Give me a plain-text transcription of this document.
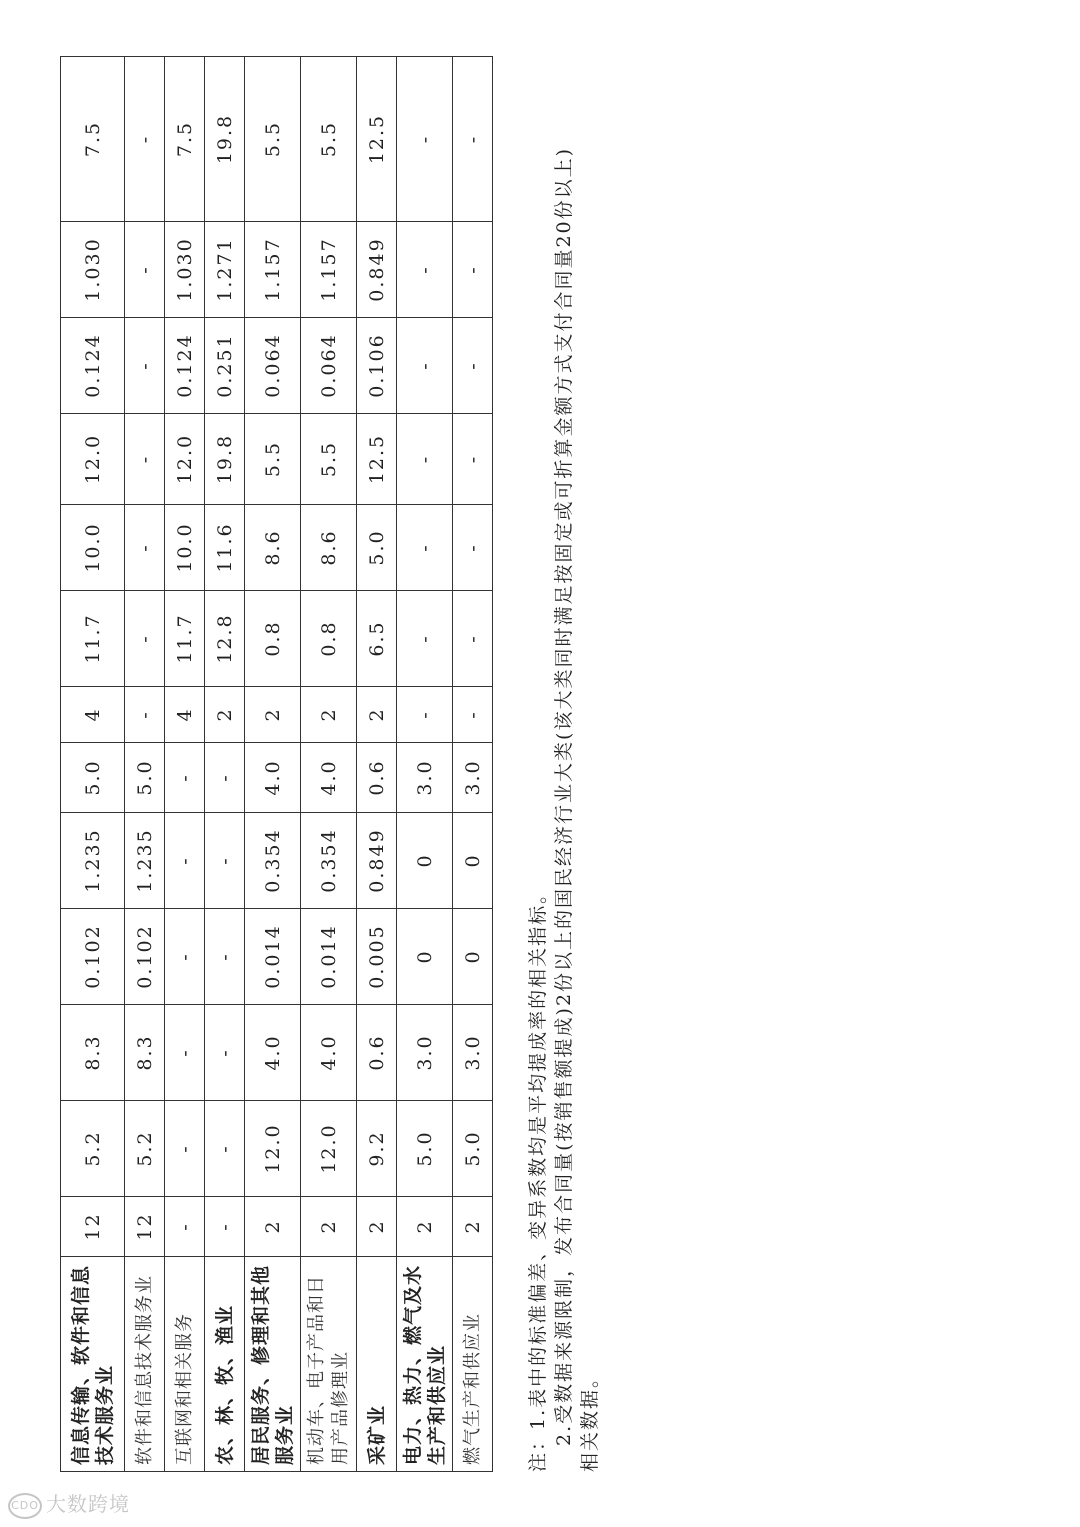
信息传输、软件和信息技术服务业	12	5.2	8.3	0.102	1.235	5.0	4	11.7	10.0	12.0	0.124	1.030	7.5
软件和信息技术服务业	12	5.2	8.3	0.102	1.235	5.0	-	-	-	-	-	-	-
互联网和相关服务	-	-	-	-	-	-	4	11.7	10.0	12.0	0.124	1.030	7.5
农、林、牧、渔业	-	-	-	-	-	-	2	12.8	11.6	19.8	0.251	1.271	19.8
居民服务、修理和其他服务业	2	12.0	4.0	0.014	0.354	4.0	2	0.8	8.6	5.5	0.064	1.157	5.5
机动车、电子产品和日用产品修理业	2	12.0	4.0	0.014	0.354	4.0	2	0.8	8.6	5.5	0.064	1.157	5.5
采矿业	2	9.2	0.6	0.005	0.849	0.6	2	6.5	5.0	12.5	0.106	0.849	12.5
电力、热力、燃气及水生产和供应业	2	5.0	3.0	0	0	3.0	-	-	-	-	-	-	-
燃气生产和供应业	2	5.0	3.0	0	0	3.0	-	-	-	-	-	-	-

注：1.表中的标准偏差、变异系数均是平均提成率的相关指标。 2.受数据来源限制，发布合同量(按销售额提成)2份以上的国民经济行业大类(该大类同时满足按固定或可折算金额方式支付合同量20份以上) 相关数据。

CDO 大数跨境
